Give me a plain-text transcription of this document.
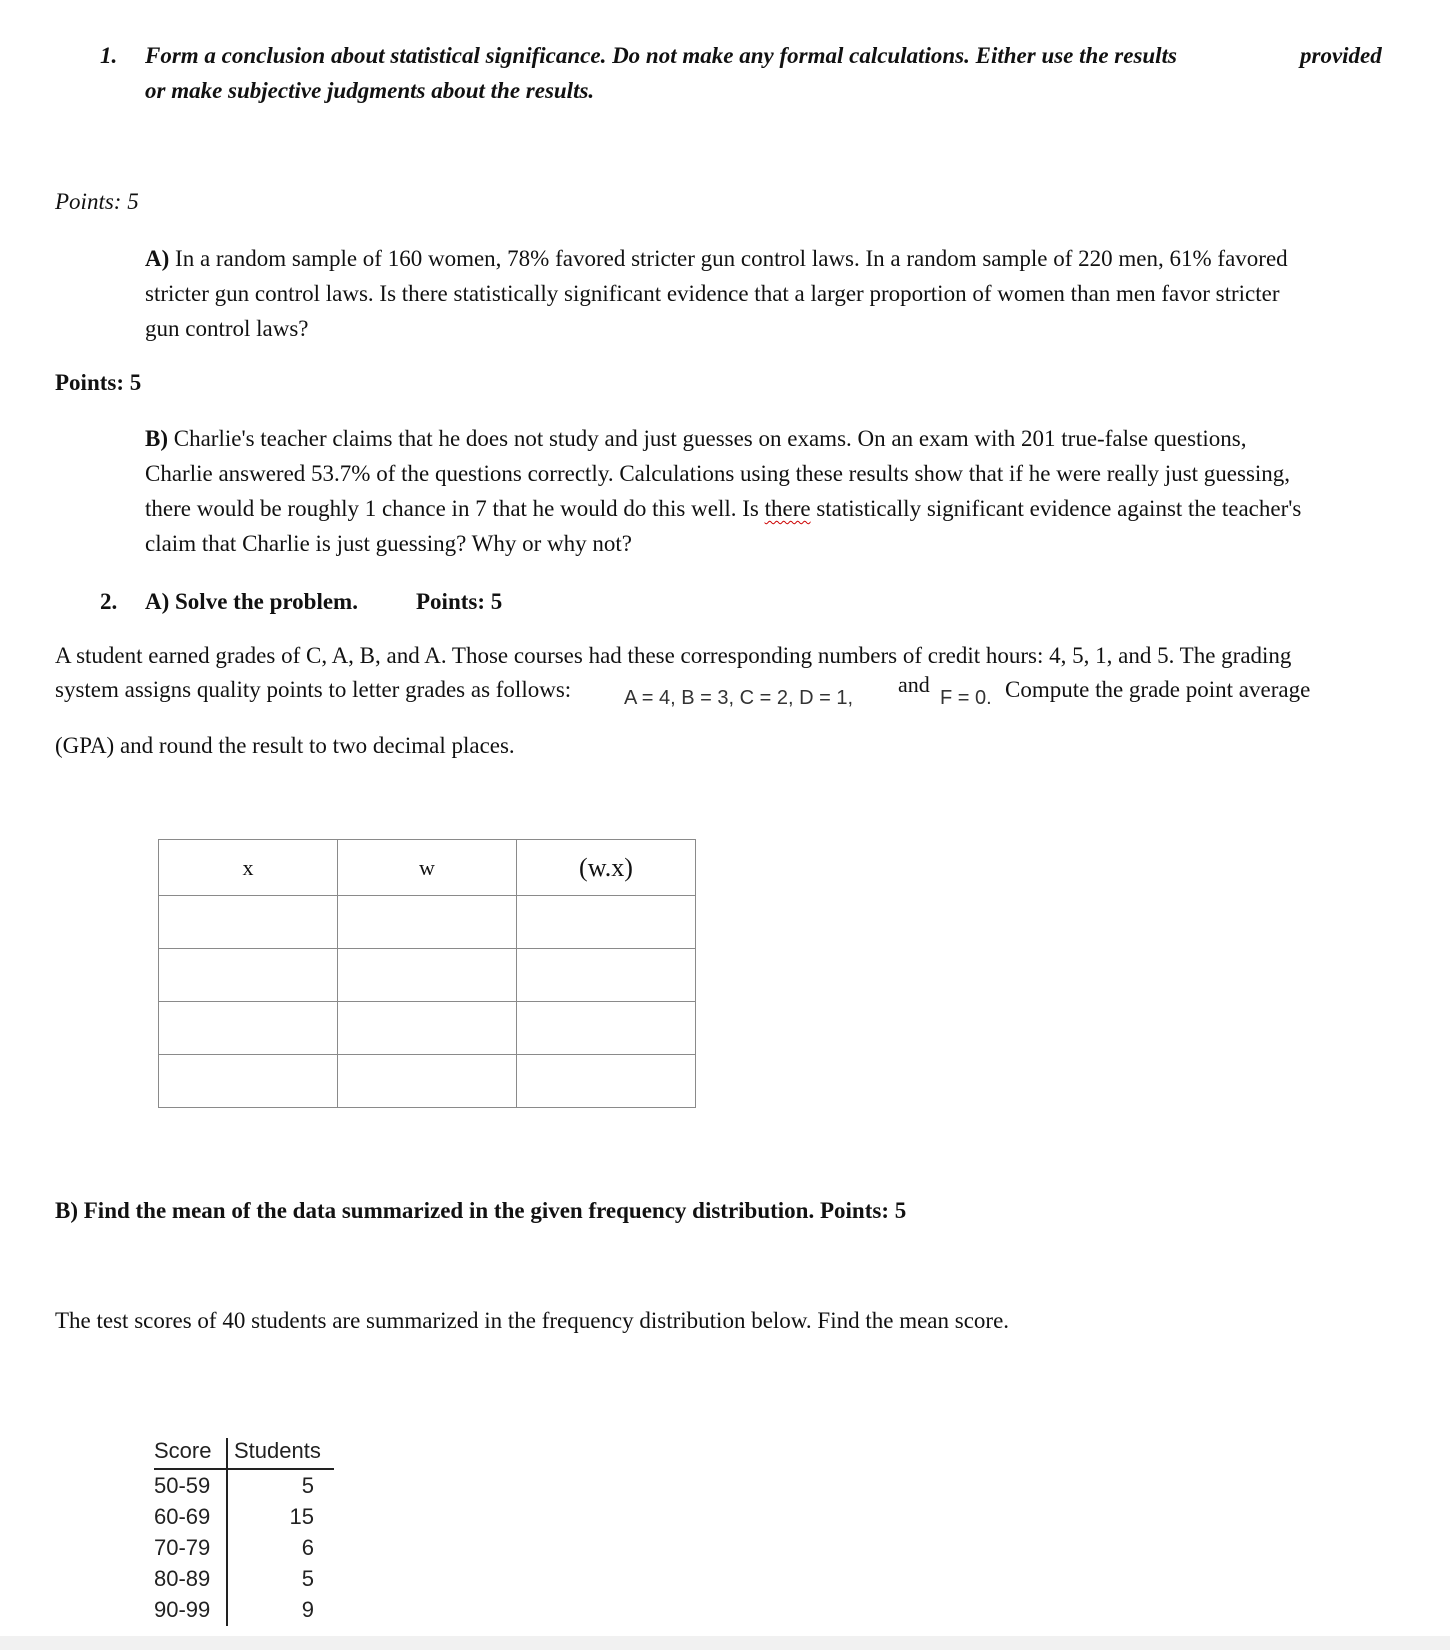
1. Form a conclusion about statistical significance. Do not make any formal calculations. Either use the results	provided
or make subjective judgments about the results.
Points: 5
A) In a random sample of 160 women, 78% favored stricter gun control laws. In a random sample of 220 men, 61% favored
stricter gun control laws. Is there statistically significant evidence that a larger proportion of women than men favor stricter
gun control laws?
Points: 5
B) Charlie's teacher claims that he does not study and just guesses on exams. On an exam with 201 true-false questions,
Charlie answered 53.7% of the questions correctly. Calculations using these results show that if he were really just guessing,
there would be roughly 1 chance in 7 that he would do this well. Is there statistically significant evidence against the teacher's
claim that Charlie is just guessing? Why or why not?
2. A) Solve the problem.	Points: 5
A student earned grades of C, A, B, and A. Those courses had these corresponding numbers of credit hours: 4, 5, 1, and 5. The grading
system assigns quality points to letter grades as follows:	A = 4, B = 3, C = 2, D = 1,
and
F = 0. Compute the grade point average
(GPA) and round the result to two decimal places.
x	w	(w.x)

B) Find the mean of the data summarized in the given frequency distribution. Points: 5
The test scores of 40 students are summarized in the frequency distribution below. Find the mean score.
Score Students
50-59	5
60-69	15
70-79	6
80-89	5
90-99	9
